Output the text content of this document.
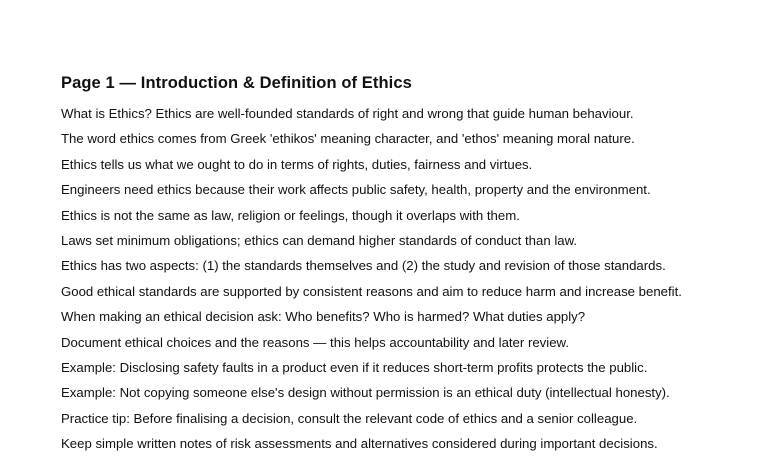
Page 1 — Introduction & Definition of Ethics
What is Ethics? Ethics are well-founded standards of right and wrong that guide human behaviour.
The word ethics comes from Greek 'ethikos' meaning character, and 'ethos' meaning moral nature.
Ethics tells us what we ought to do in terms of rights, duties, fairness and virtues.
Engineers need ethics because their work affects public safety, health, property and the environment.
Ethics is not the same as law, religion or feelings, though it overlaps with them.
Laws set minimum obligations; ethics can demand higher standards of conduct than law.
Ethics has two aspects: (1) the standards themselves and (2) the study and revision of those standards.
Good ethical standards are supported by consistent reasons and aim to reduce harm and increase benefit.
When making an ethical decision ask: Who benefits? Who is harmed? What duties apply?
Document ethical choices and the reasons — this helps accountability and later review.
Example: Disclosing safety faults in a product even if it reduces short-term profits protects the public.
Example: Not copying someone else's design without permission is an ethical duty (intellectual honesty).
Practice tip: Before finalising a decision, consult the relevant code of ethics and a senior colleague.
Keep simple written notes of risk assessments and alternatives considered during important decisions.
